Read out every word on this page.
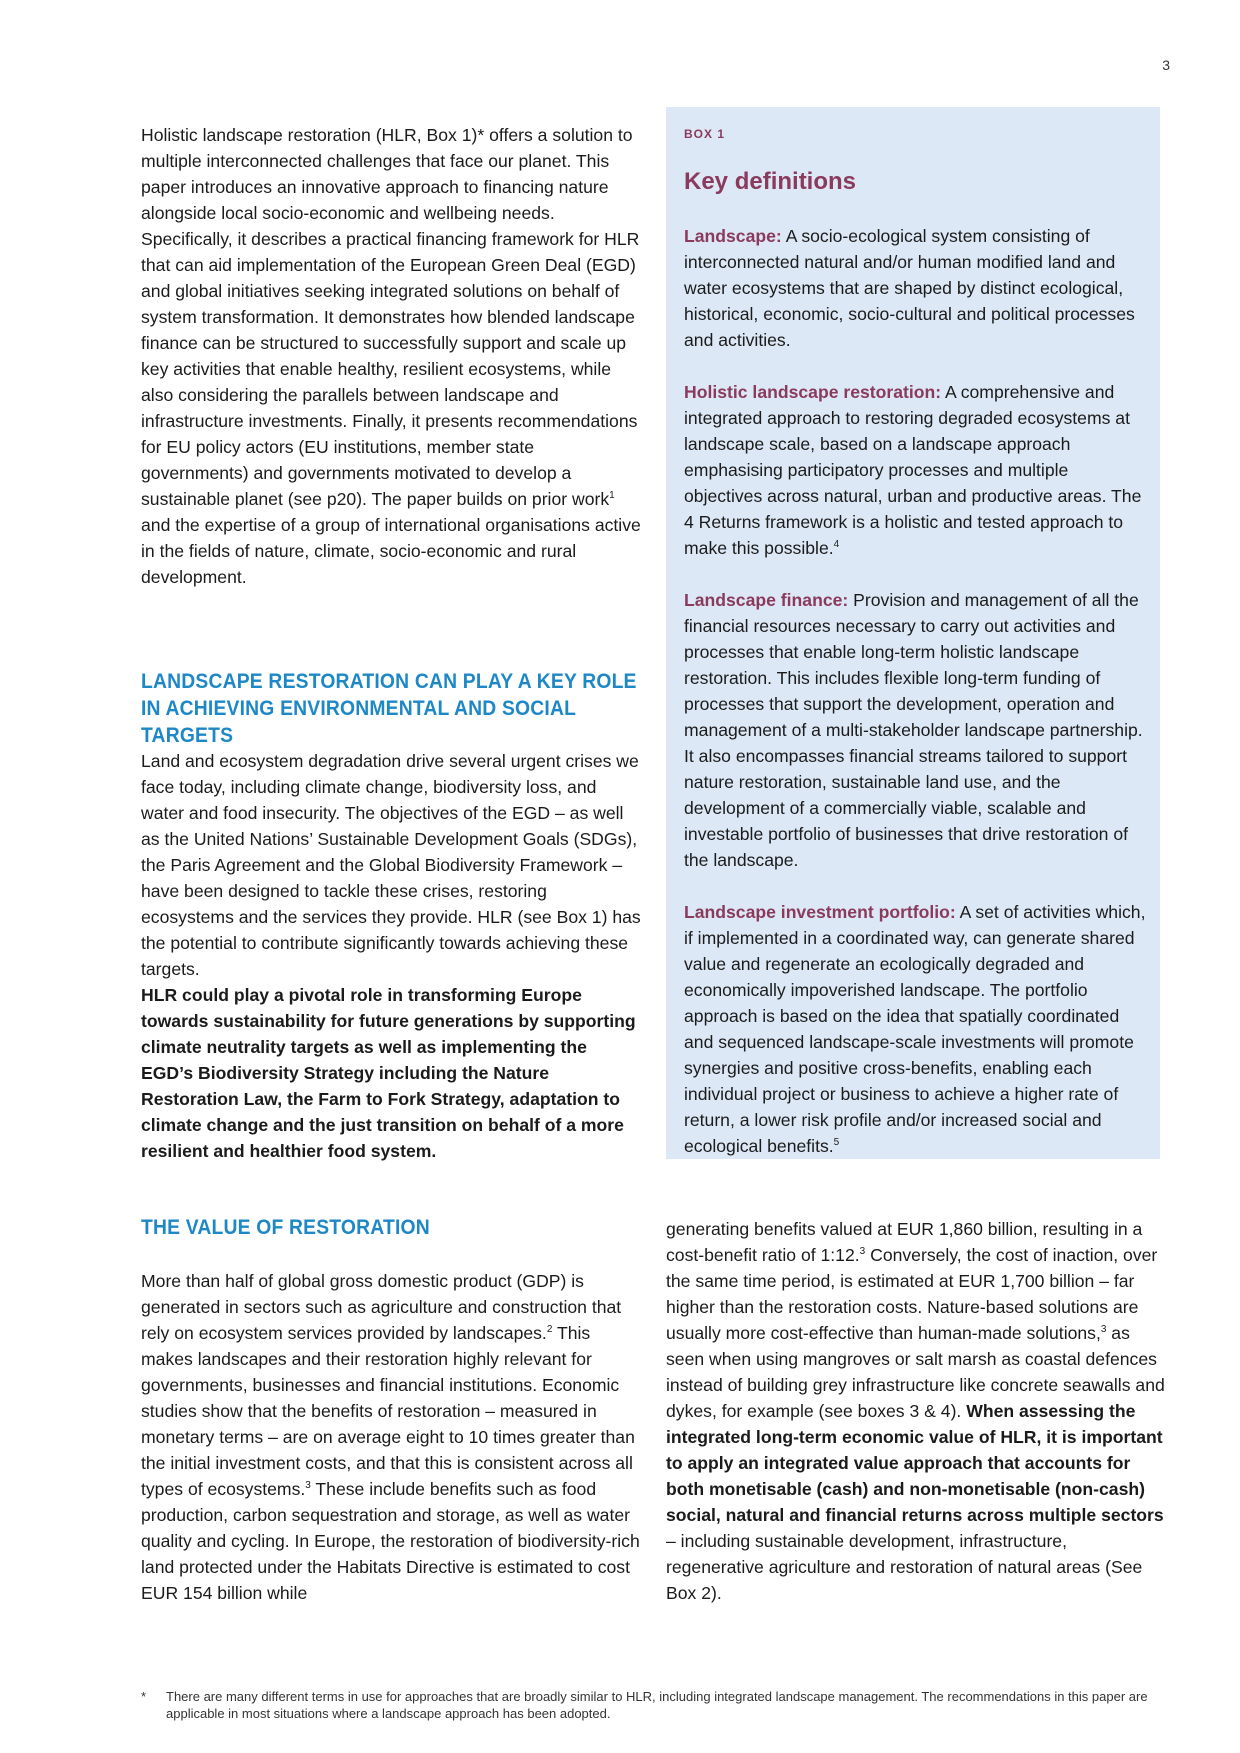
3

Holistic landscape restoration (HLR, Box 1)* offers a solution to multiple interconnected challenges that face our planet. This paper introduces an innovative approach to financing nature alongside local socio-economic and wellbeing needs. Specifically, it describes a practical financing framework for HLR that can aid implementation of the European Green Deal (EGD) and global initiatives seeking integrated solutions on behalf of system transformation. It demonstrates how blended landscape finance can be structured to successfully support and scale up key activities that enable healthy, resilient ecosystems, while also considering the parallels between landscape and infrastructure investments. Finally, it presents recommendations for EU policy actors (EU institutions, member state governments) and governments motivated to develop a sustainable planet (see p20). The paper builds on prior work$^1$ and the expertise of a group of international organisations active in the fields of nature, climate, socio-economic and rural development.

LANDSCAPE RESTORATION CAN PLAY A KEY ROLE IN ACHIEVING ENVIRONMENTAL AND SOCIAL TARGETS

Land and ecosystem degradation drive several urgent crises we face today, including climate change, biodiversity loss, and water and food insecurity. The objectives of the EGD – as well as the United Nations’ Sustainable Development Goals (SDGs), the Paris Agreement and the Global Biodiversity Framework – have been designed to tackle these crises, restoring ecosystems and the services they provide. HLR (see Box 1) has the potential to contribute significantly towards achieving these targets.

HLR could play a pivotal role in transforming Europe towards sustainability for future generations by supporting climate neutrality targets as well as implementing the EGD’s Biodiversity Strategy including the Nature Restoration Law, the Farm to Fork Strategy, adaptation to climate change and the just transition on behalf of a more resilient and healthier food system.

BOX 1

Key definitions

Landscape: A socio-ecological system consisting of interconnected natural and/or human modified land and water ecosystems that are shaped by distinct ecological, historical, economic, socio-cultural and political processes and activities.

Holistic landscape restoration: A comprehensive and integrated approach to restoring degraded ecosystems at landscape scale, based on a landscape approach emphasising participatory processes and multiple objectives across natural, urban and productive areas. The 4 Returns framework is a holistic and tested approach to make this possible.$^4$

Landscape finance: Provision and management of all the financial resources necessary to carry out activities and processes that enable long-term holistic landscape restoration. This includes flexible long-term funding of processes that support the development, operation and management of a multi-stakeholder landscape partnership. It also encompasses financial streams tailored to support nature restoration, sustainable land use, and the development of a commercially viable, scalable and investable portfolio of businesses that drive restoration of the landscape.

Landscape investment portfolio: A set of activities which, if implemented in a coordinated way, can generate shared value and regenerate an ecologically degraded and economically impoverished landscape. The portfolio approach is based on the idea that spatially coordinated and sequenced landscape-scale investments will promote synergies and positive cross-benefits, enabling each individual project or business to achieve a higher rate of return, a lower risk profile and/or increased social and ecological benefits.$^5$

THE VALUE OF RESTORATION

More than half of global gross domestic product (GDP) is generated in sectors such as agriculture and construction that rely on ecosystem services provided by landscapes.$^2$ This makes landscapes and their restoration highly relevant for governments, businesses and financial institutions. Economic studies show that the benefits of restoration – measured in monetary terms – are on average eight to 10 times greater than the initial investment costs, and that this is consistent across all types of ecosystems.$^3$ These include benefits such as food production, carbon sequestration and storage, as well as water quality and cycling. In Europe, the restoration of biodiversity-rich land protected under the Habitats Directive is estimated to cost EUR 154 billion while

generating benefits valued at EUR 1,860 billion, resulting in a cost-benefit ratio of 1:12.$^3$ Conversely, the cost of inaction, over the same time period, is estimated at EUR 1,700 billion – far higher than the restoration costs. Nature-based solutions are usually more cost-effective than human-made solutions,$^3$ as seen when using mangroves or salt marsh as coastal defences instead of building grey infrastructure like concrete seawalls and dykes, for example (see boxes 3 & 4). When assessing the integrated long-term economic value of HLR, it is important to apply an integrated value approach that accounts for both monetisable (cash) and non-monetisable (non-cash) social, natural and financial returns across multiple sectors – including sustainable development, infrastructure, regenerative agriculture and restoration of natural areas (See Box 2).

* There are many different terms in use for approaches that are broadly similar to HLR, including integrated landscape management. The recommendations in this paper are applicable in most situations where a landscape approach has been adopted.
